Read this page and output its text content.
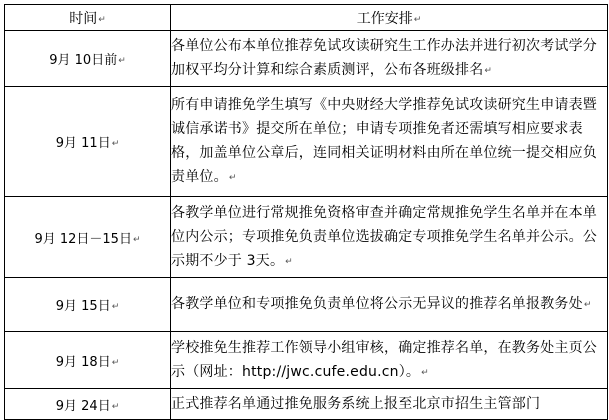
时间↵	工作安排↵
9月 10日前↵	各单位公布本单位推荐免试攻读研究生工作办法并进行初次考试学分加权平均分计算和综合素质测评，公布各班级排名↵
9月 11日↵	所有申请推免学生填写《中央财经大学推荐免试攻读研究生申请表暨诚信承诺书》提交所在单位；申请专项推免者还需填写相应要求表格，加盖单位公章后，连同相关证明材料由所在单位统一提交相应负责单位。↵
9月 12日－15日↵	各教学单位进行常规推免资格审查并确定常规推免学生名单并在本单位内公示；专项推免负责单位选拔确定专项推免学生名单并公示。公示期不少于 3天。↵
9月 15日↵	各教学单位和专项推免负责单位将公示无异议的推荐名单报教务处↵
9月 18日↵	学校推免生推荐工作领导小组审核，确定推荐名单，在教务处主页公示（网址：http://jwc.cufe.edu.cn）。↵
9月 24日↵	正式推荐名单通过推免服务系统上报至北京市招生主管部门
